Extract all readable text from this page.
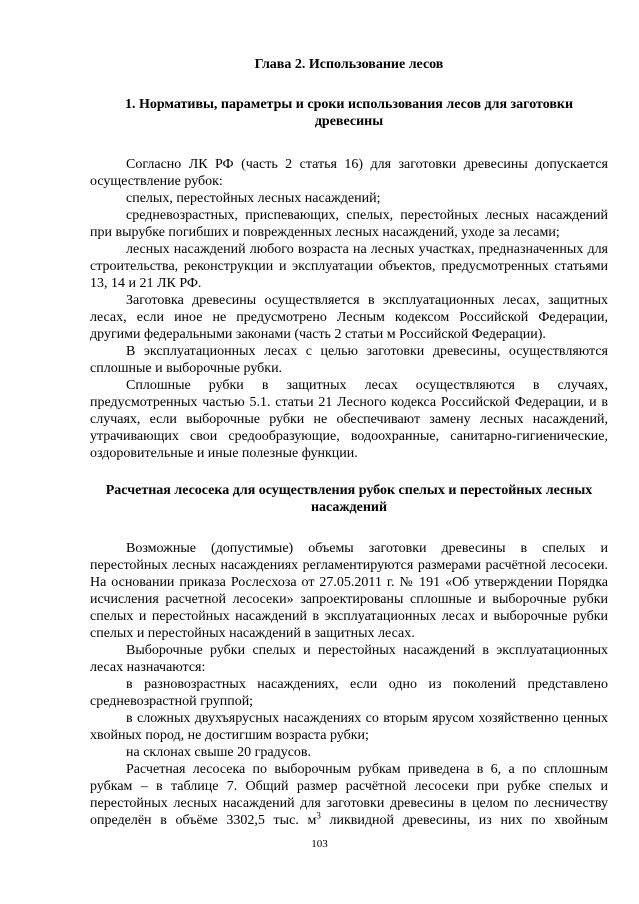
Глава 2. Использование лесов
1. Нормативы, параметры и сроки использования лесов для заготовки древесины

Согласно ЛК РФ (часть 2 статья 16) для заготовки древесины допускается осуществление рубок:

спелых, перестойных лесных насаждений;

средневозрастных, приспевающих, спелых, перестойных лесных насаждений при вырубке погибших и поврежденных лесных насаждений, уходе за лесами;

лесных насаждений любого возраста на лесных участках, предназначенных для строительства, реконструкции и эксплуатации объектов, предусмотренных статьями 13, 14 и 21 ЛК РФ.

Заготовка древесины осуществляется в эксплуатационных лесах, защитных лесах, если иное не предусмотрено Лесным кодексом Российской Федерации, другими федеральными законами (часть 2 статьи м Российской Федерации).

В эксплуатационных лесах с целью заготовки древесины, осуществляются сплошные и выборочные рубки.

Сплошные рубки в защитных лесах осуществляются в случаях, предусмотренных частью 5.1. статьи 21 Лесного кодекса Российской Федерации, и в случаях, если выборочные рубки не обеспечивают замену лесных насаждений, утрачивающих свои средообразующие, водоохранные, санитарно-гигиенические, оздоровительные и иные полезные функции.

Расчетная лесосека для осуществления рубок спелых и перестойных лесных насаждений

Возможные (допустимые) объемы заготовки древесины в спелых и перестойных лесных насаждениях регламентируются размерами расчётной лесосеки. На основании приказа Рослесхоза от 27.05.2011 г. № 191 «Об утверждении Порядка исчисления расчетной лесосеки» запроектированы сплошные и выборочные рубки спелых и перестойных насаждений в эксплуатационных лесах и выборочные рубки спелых и перестойных насаждений в защитных лесах.

Выборочные рубки спелых и перестойных насаждений в эксплуатационных лесах назначаются:

в разновозрастных насаждениях, если одно из поколений представлено средневозрастной группой;

в сложных двухъярусных насаждениях со вторым ярусом хозяйственно ценных хвойных пород, не достигшим возраста рубки;

на склонах свыше 20 градусов.

Расчетная лесосека по выборочным рубкам приведена в 6, а по сплошным рубкам – в таблице 7. Общий размер расчётной лесосеки при рубке спелых и перестойных лесных насаждений для заготовки древесины в целом по лесничеству определён в объёме 3302,5 тыс. $м^3$ ликвидной древесины, из них по хвойным

103
